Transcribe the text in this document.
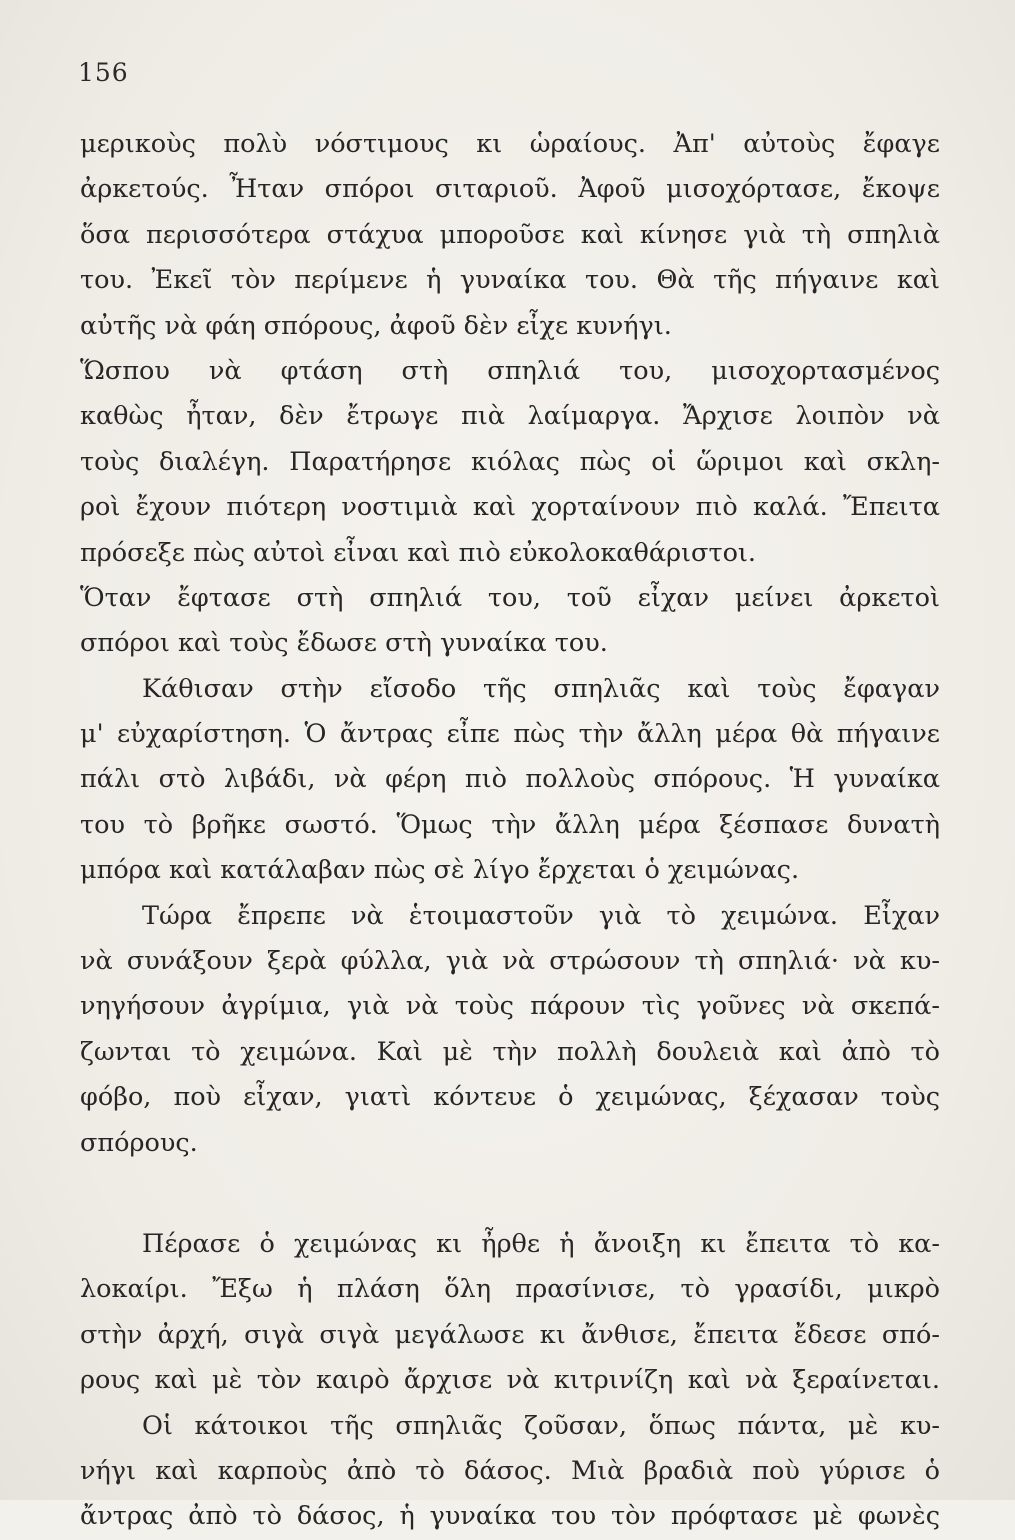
156
μερικοὺς πολὺ νόστιμους κι ὡραίους. Ἀπ' αὐτοὺς ἔφαγε
ἀρκετούς. Ἦταν σπόροι σιταριοῦ. Ἀφοῦ μισοχόρτασε, ἔκοψε
ὅσα περισσότερα στάχυα μποροῦσε καὶ κίνησε γιὰ τὴ σπηλιὰ
του. Ἐκεῖ τὸν περίμενε ἡ γυναίκα του. Θὰ τῆς πήγαινε καὶ
αὐτῆς νὰ φάη σπόρους, ἀφοῦ δὲν εἶχε κυνήγι.
Ὥσπου νὰ φτάση στὴ σπηλιά του, μισοχορτασμένος
καθὼς ἦταν, δὲν ἔτρωγε πιὰ λαίμαργα. Ἄρχισε λοιπὸν νὰ
τοὺς διαλέγη. Παρατήρησε κιόλας πὼς οἱ ὥριμοι καὶ σκλη-
ροὶ ἔχουν πιότερη νοστιμιὰ καὶ χορταίνουν πιὸ καλά. Ἔπειτα
πρόσεξε πὼς αὐτοὶ εἶναι καὶ πιὸ εὐκολοκαθάριστοι.
Ὅταν ἔφτασε στὴ σπηλιά του, τοῦ εἶχαν μείνει ἀρκετοὶ
σπόροι καὶ τοὺς ἔδωσε στὴ γυναίκα του.
Κάθισαν στὴν εἴσοδο τῆς σπηλιᾶς καὶ τοὺς ἔφαγαν
μ' εὐχαρίστηση. Ὁ ἄντρας εἶπε πὼς τὴν ἄλλη μέρα θὰ πήγαινε
πάλι στὸ λιβάδι, νὰ φέρη πιὸ πολλοὺς σπόρους. Ἡ γυναίκα
του τὸ βρῆκε σωστό. Ὅμως τὴν ἄλλη μέρα ξέσπασε δυνατὴ
μπόρα καὶ κατάλαβαν πὼς σὲ λίγο ἔρχεται ὁ χειμώνας.
Τώρα ἔπρεπε νὰ ἑτοιμαστοῦν γιὰ τὸ χειμώνα. Εἶχαν
νὰ συνάξουν ξερὰ φύλλα, γιὰ νὰ στρώσουν τὴ σπηλιά· νὰ κυ-
νηγήσουν ἀγρίμια, γιὰ νὰ τοὺς πάρουν τὶς γοῦνες νὰ σκεπά-
ζωνται τὸ χειμώνα. Καὶ μὲ τὴν πολλὴ δουλειὰ καὶ ἀπὸ τὸ
φόβο, ποὺ εἶχαν, γιατὶ κόντευε ὁ χειμώνας, ξέχασαν τοὺς
σπόρους.
Πέρασε ὁ χειμώνας κι ἦρθε ἡ ἄνοιξη κι ἔπειτα τὸ κα-
λοκαίρι. Ἔξω ἡ πλάση ὅλη πρασίνισε, τὸ γρασίδι, μικρὸ
στὴν ἀρχή, σιγὰ σιγὰ μεγάλωσε κι ἄνθισε, ἔπειτα ἔδεσε σπό-
ρους καὶ μὲ τὸν καιρὸ ἄρχισε νὰ κιτρινίζη καὶ νὰ ξεραίνεται.
Οἱ κάτοικοι τῆς σπηλιᾶς ζοῦσαν, ὅπως πάντα, μὲ κυ-
νήγι καὶ καρποὺς ἀπὸ τὸ δάσος. Μιὰ βραδιὰ ποὺ γύρισε ὁ
ἄντρας ἀπὸ τὸ δάσος, ἡ γυναίκα του τὸν πρόφτασε μὲ φωνὲς
